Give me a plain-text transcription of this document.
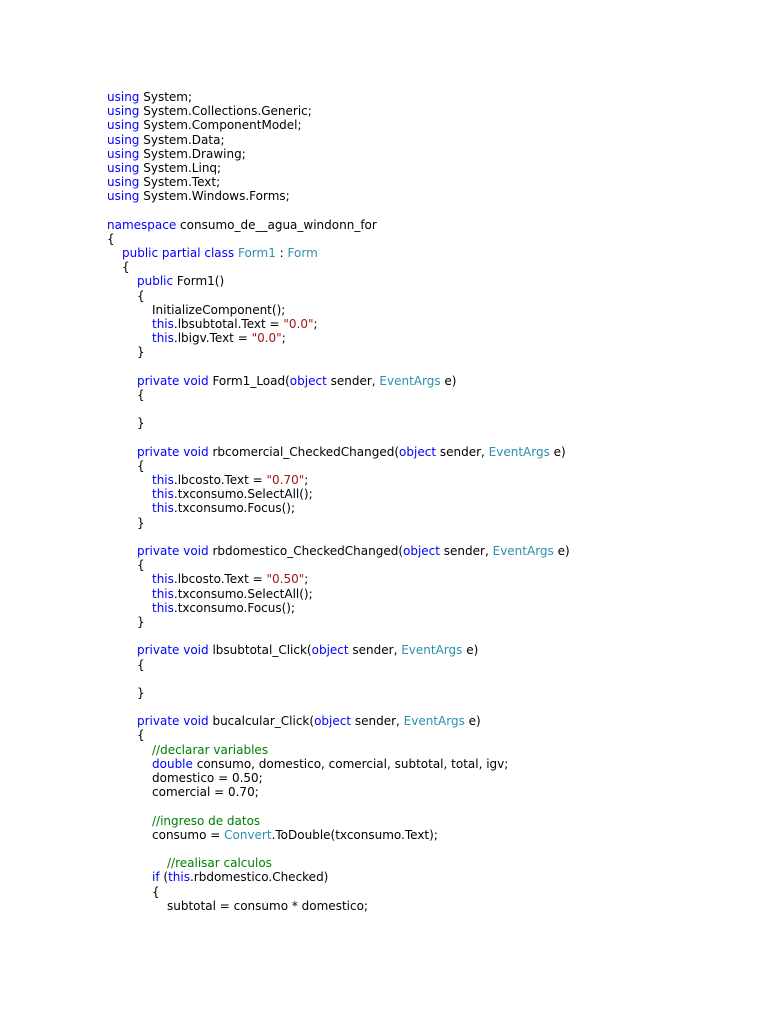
using System;
using System.Collections.Generic;
using System.ComponentModel;
using System.Data;
using System.Drawing;
using System.Linq;
using System.Text;
using System.Windows.Forms;
namespace consumo_de__agua_windonn_for
{
public partial class Form1 : Form
{
public Form1()
{
InitializeComponent();
this.lbsubtotal.Text = "0.0";
this.lbigv.Text = "0.0";
}
private void Form1_Load(object sender, EventArgs e)
{
}
private void rbcomercial_CheckedChanged(object sender, EventArgs e)
{
this.lbcosto.Text = "0.70";
this.txconsumo.SelectAll();
this.txconsumo.Focus();
}
private void rbdomestico_CheckedChanged(object sender, EventArgs e)
{
this.lbcosto.Text = "0.50";
this.txconsumo.SelectAll();
this.txconsumo.Focus();
}
private void lbsubtotal_Click(object sender, EventArgs e)
{
}
private void bucalcular_Click(object sender, EventArgs e)
{
//declarar variables
double consumo, domestico, comercial, subtotal, total, igv;
domestico = 0.50;
comercial = 0.70;
//ingreso de datos
consumo = Convert.ToDouble(txconsumo.Text);
//realisar calculos
if (this.rbdomestico.Checked)
{
subtotal = consumo * domestico;
